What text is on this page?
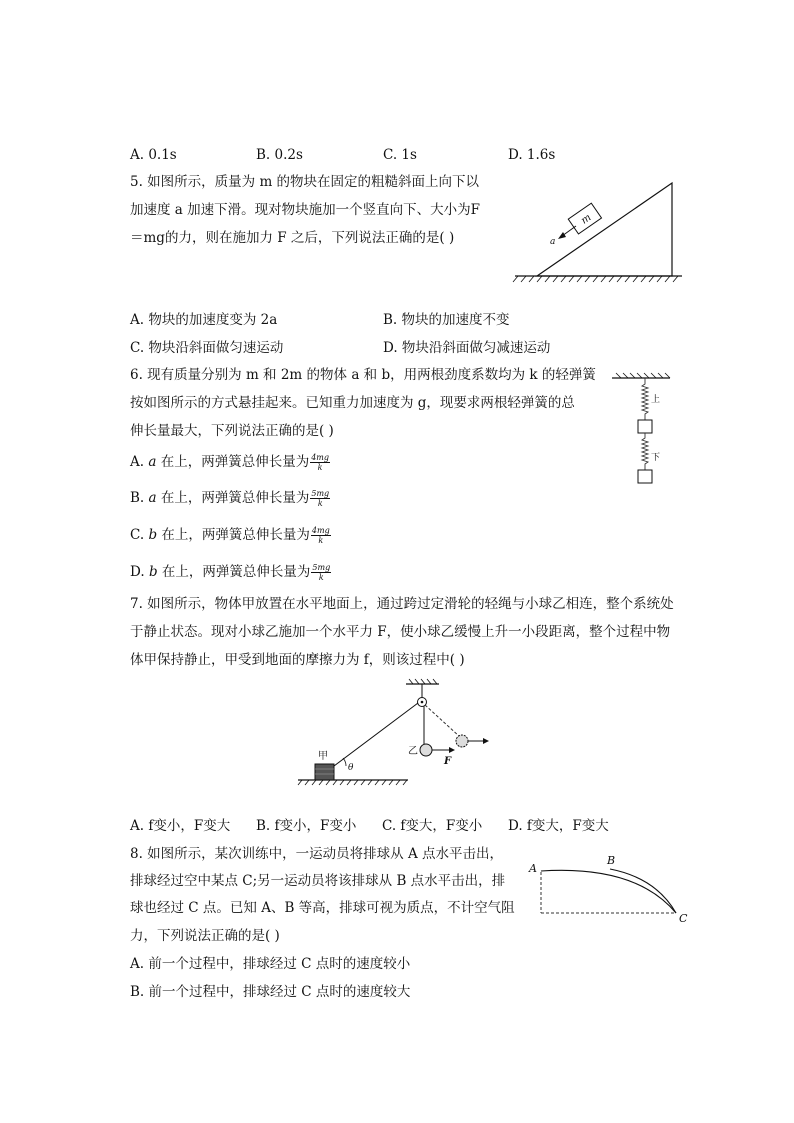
A. 0.1s	B. 0.2s	C. 1s	D. 1.6s
5. 如图所示，质量为 m 的物块在固定的粗糙斜面上向下以
加速度 a 加速下滑。现对物块施加一个竖直向下、大小为F
＝mg的力，则在施加力 F 之后，下列说法正确的是( )
m
a
A. 物块的加速度变为 2a	B. 物块的加速度不变
C. 物块沿斜面做匀速运动	D. 物块沿斜面做匀减速运动
6. 现有质量分别为 m 和 2m 的物体 a 和 b，用两根劲度系数均为 k 的轻弹簧
按如图所示的方式悬挂起来。已知重力加速度为 g，现要求两根轻弹簧的总
伸长量最大，下列说法正确的是( )
A. a 在上，两弹簧总伸长量为 $\frac{4mg}{k}$
B. a 在上，两弹簧总伸长量为 $\frac{5mg}{k}$
C. b 在上，两弹簧总伸长量为 $\frac{4mg}{k}$
D. b 在上，两弹簧总伸长量为 $\frac{5mg}{k}$
上
下
7. 如图所示，物体甲放置在水平地面上，通过跨过定滑轮的轻绳与小球乙相连，整个系统处
于静止状态。现对小球乙施加一个水平力 F，使小球乙缓慢上升一小段距离，整个过程中物
体甲保持静止，甲受到地面的摩擦力为 f，则该过程中( )
乙
F
甲
θ
A. f变小，F变大 B. f变小，F变小 C. f变大，F变小 D. f变大，F变大
8. 如图所示，某次训练中，一运动员将排球从 A 点水平击出，
排球经过空中某点 C;另一运动员将该排球从 B 点水平击出，排
球也经过 C 点。已知 A、B 等高，排球可视为质点，不计空气阻
力，下列说法正确的是( )
A
B
C
A. 前一个过程中，排球经过 C 点时的速度较小
B. 前一个过程中，排球经过 C 点时的速度较大
